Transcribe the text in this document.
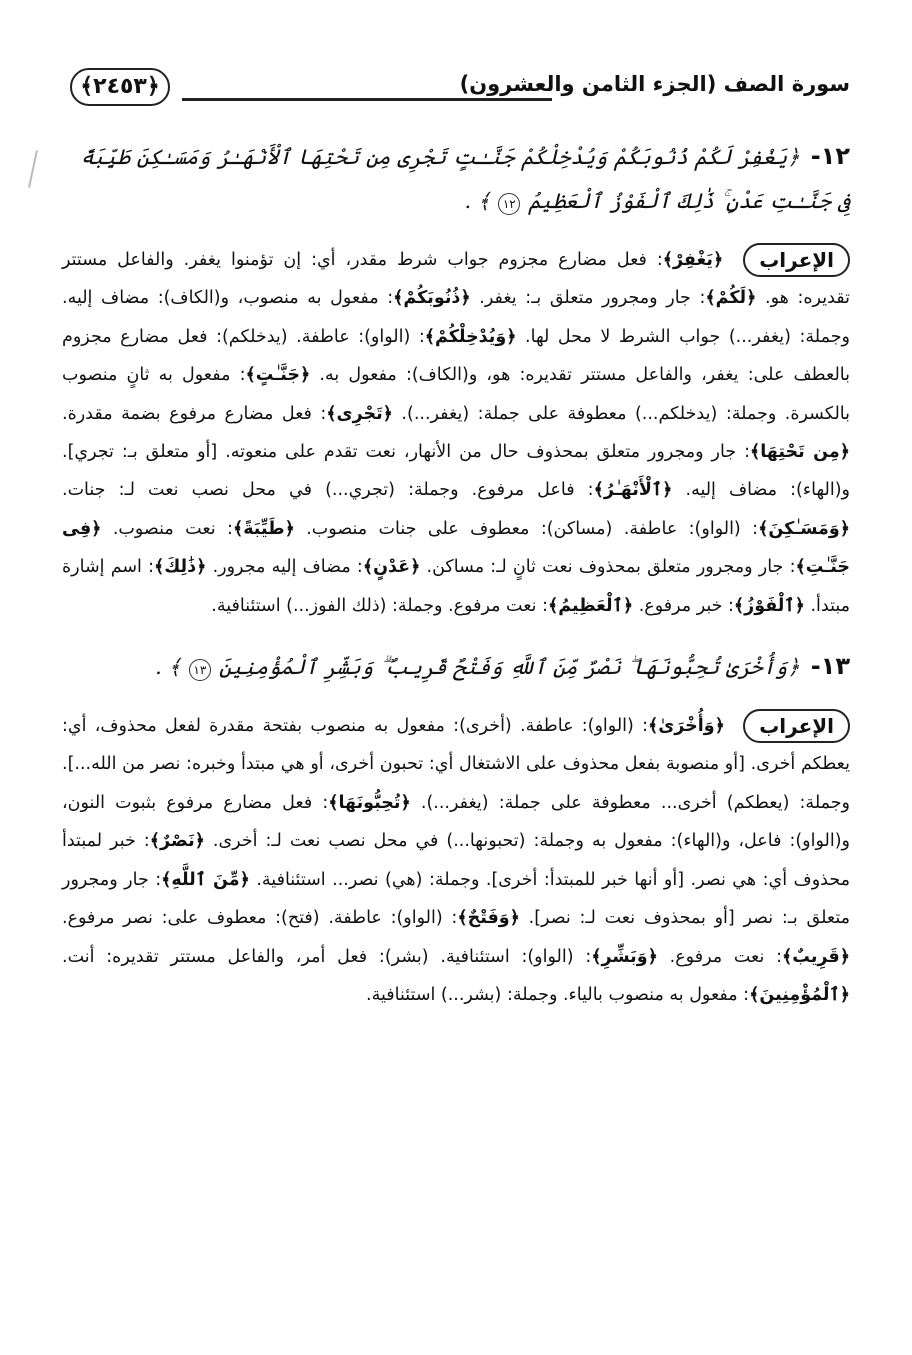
سورة الصف (الجزء الثامن والعشرون)
﴿٢٤٥٣﴾
١٢- ﴿يَغْفِرْ لَكُمْ ذُنُوبَكُمْ وَيُدْخِلْكُمْ جَنَّـٰتٍ تَجْرِى مِن تَحْتِهَا ٱلْأَنْهَـٰرُ وَمَسَـٰكِنَ طَيِّبَةً فِى جَنَّـٰتِ عَدْنٍ ۚ ذَٰلِكَ ٱلْفَوْزُ ٱلْعَظِيمُ ١٢ ﴾ .
الإعراب ﴿يَغْفِرْ﴾: فعل مضارع مجزوم جواب شرط مقدر، أي: إن تؤمنوا يغفر. والفاعل مستتر تقديره: هو. ﴿لَكُمْ﴾: جار ومجرور متعلق بـ: يغفر. ﴿ذُنُوبَكُمْ﴾: مفعول به منصوب، و(الكاف): مضاف إليه. وجملة: (يغفر...) جواب الشرط لا محل لها. ﴿وَيُدْخِلْكُمْ﴾: (الواو): عاطفة. (يدخلكم): فعل مضارع مجزوم بالعطف على: يغفر، والفاعل مستتر تقديره: هو، و(الكاف): مفعول به. ﴿جَنَّـٰتٍ﴾: مفعول به ثانٍ منصوب بالكسرة. وجملة: (يدخلكم...) معطوفة على جملة: (يغفر...). ﴿تَجْرِى﴾: فعل مضارع مرفوع بضمة مقدرة. ﴿مِن تَحْتِهَا﴾: جار ومجرور متعلق بمحذوف حال من الأنهار، نعت تقدم على منعوته. [أو متعلق بـ: تجري]. و(الهاء): مضاف إليه. ﴿ٱلْأَنْهَـٰرُ﴾: فاعل مرفوع. وجملة: (تجري...) في محل نصب نعت لـ: جنات. ﴿وَمَسَـٰكِنَ﴾: (الواو): عاطفة. (مساكن): معطوف على جنات منصوب. ﴿طَيِّبَةً﴾: نعت منصوب. ﴿فِى جَنَّـٰتِ﴾: جار ومجرور متعلق بمحذوف نعت ثانٍ لـ: مساكن. ﴿عَدْنٍ﴾: مضاف إليه مجرور. ﴿ذَٰلِكَ﴾: اسم إشارة مبتدأ. ﴿ٱلْفَوْزُ﴾: خبر مرفوع. ﴿ٱلْعَظِيمُ﴾: نعت مرفوع. وجملة: (ذلك الفوز...) استئنافية.
١٣- ﴿وَأُخْرَىٰ تُحِبُّونَهَا ۖ نَصْرٌ مِّنَ ٱللَّهِ وَفَتْحٌ قَرِيبٌ ۗ وَبَشِّرِ ٱلْمُؤْمِنِينَ ١٣ ﴾ .
الإعراب ﴿وَأُخْرَىٰ﴾: (الواو): عاطفة. (أخرى): مفعول به منصوب بفتحة مقدرة لفعل محذوف، أي: يعطكم أخرى. [أو منصوبة بفعل محذوف على الاشتغال أي: تحبون أخرى، أو هي مبتدأ وخبره: نصر من الله...]. وجملة: (يعطكم) أخرى... معطوفة على جملة: (يغفر...). ﴿تُحِبُّونَهَا﴾: فعل مضارع مرفوع بثبوت النون، و(الواو): فاعل، و(الهاء): مفعول به وجملة: (تحبونها...) في محل نصب نعت لـ: أخرى. ﴿نَصْرٌ﴾: خبر لمبتدأ محذوف أي: هي نصر. [أو أنها خبر للمبتدأ: أخرى]. وجملة: (هي) نصر... استئنافية. ﴿مِّنَ ٱللَّهِ﴾: جار ومجرور متعلق بـ: نصر [أو بمحذوف نعت لـ: نصر]. ﴿وَفَتْحٌ﴾: (الواو): عاطفة. (فتح): معطوف على: نصر مرفوع. ﴿قَرِيبٌ﴾: نعت مرفوع. ﴿وَبَشِّرِ﴾: (الواو): استئنافية. (بشر): فعل أمر، والفاعل مستتر تقديره: أنت. ﴿ٱلْمُؤْمِنِينَ﴾: مفعول به منصوب بالياء. وجملة: (بشر...) استئنافية.
